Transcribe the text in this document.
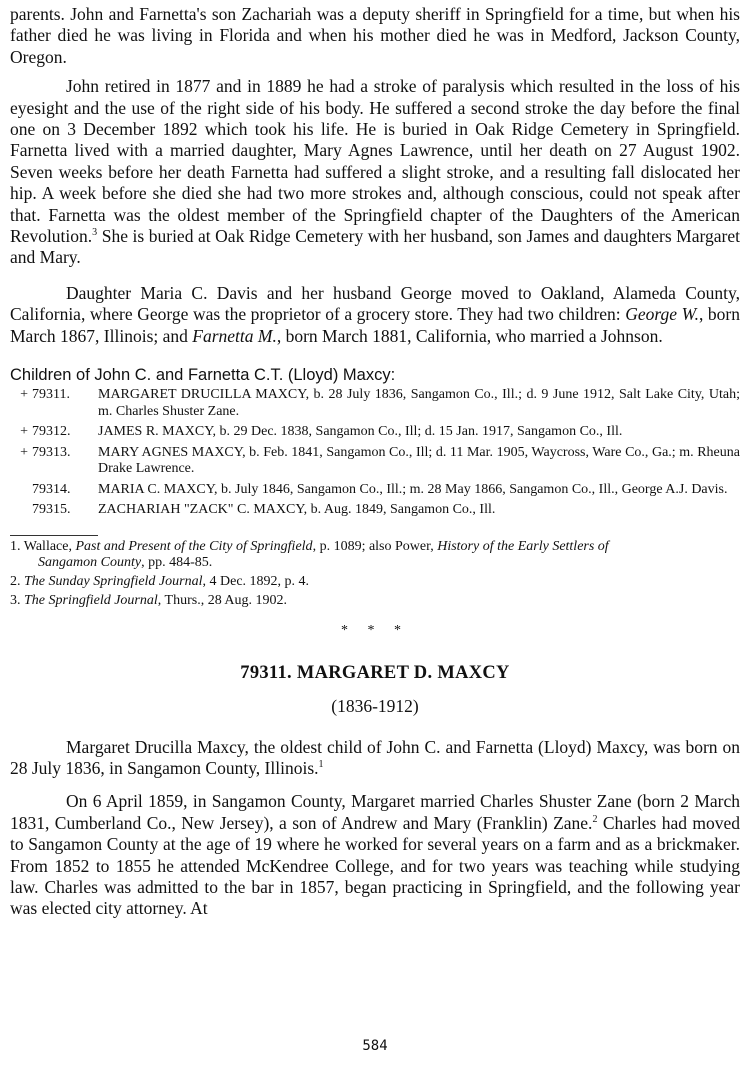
parents. John and Farnetta's son Zachariah was a deputy sheriff in Springfield for a time, but when his father died he was living in Florida and when his mother died he was in Medford, Jackson County, Oregon.

John retired in 1877 and in 1889 he had a stroke of paralysis which resulted in the loss of his eyesight and the use of the right side of his body. He suffered a second stroke the day before the final one on 3 December 1892 which took his life. He is buried in Oak Ridge Cemetery in Springfield. Farnetta lived with a married daughter, Mary Agnes Lawrence, until her death on 27 August 1902. Seven weeks before her death Farnetta had suffered a slight stroke, and a resulting fall dislocated her hip. A week before she died she had two more strokes and, although conscious, could not speak after that. Farnetta was the oldest member of the Springfield chapter of the Daughters of the American Revolution.$^3$ She is buried at Oak Ridge Cemetery with her husband, son James and daughters Margaret and Mary.

Daughter Maria C. Davis and her husband George moved to Oakland, Alameda County, California, where George was the proprietor of a grocery store. They had two children: George W., born March 1867, Illinois; and Farnetta M., born March 1881, California, who married a Johnson.

Children of John C. and Farnetta C.T. (Lloyd) Maxcy:
+	79311.	MARGARET DRUCILLA MAXCY, b. 28 July 1836, Sangamon Co., Ill.; d. 9 June 1912, Salt Lake City, Utah; m. Charles Shuster Zane.
+	79312.	JAMES R. MAXCY, b. 29 Dec. 1838, Sangamon Co., Ill; d. 15 Jan. 1917, Sangamon Co., Ill.
+	79313.	MARY AGNES MAXCY, b. Feb. 1841, Sangamon Co., Ill; d. 11 Mar. 1905, Waycross, Ware Co., Ga.; m. Rheuna Drake Lawrence.
	79314.	MARIA C. MAXCY, b. July 1846, Sangamon Co., Ill.; m. 28 May 1866, Sangamon Co., Ill., George A.J. Davis.
	79315.	ZACHARIAH "ZACK" C. MAXCY, b. Aug. 1849, Sangamon Co., Ill.

1. Wallace, Past and Present of the City of Springfield, p. 1089; also Power, History of the Early Settlers of
Sangamon County, pp. 484-85.

2. The Sunday Springfield Journal, 4 Dec. 1892, p. 4.

3. The Springfield Journal, Thurs., 28 Aug. 1902.

* * *
79311. MARGARET D. MAXCY
(1836-1912)

Margaret Drucilla Maxcy, the oldest child of John C. and Farnetta (Lloyd) Maxcy, was born on 28 July 1836, in Sangamon County, Illinois.$^1$

On 6 April 1859, in Sangamon County, Margaret married Charles Shuster Zane (born 2 March 1831, Cumberland Co., New Jersey), a son of Andrew and Mary (Franklin) Zane.$^2$ Charles had moved to Sangamon County at the age of 19 where he worked for several years on a farm and as a brickmaker. From 1852 to 1855 he attended McKendree College, and for two years was teaching while studying law. Charles was admitted to the bar in 1857, began practicing in Springfield, and the following year was elected city attorney. At

584
